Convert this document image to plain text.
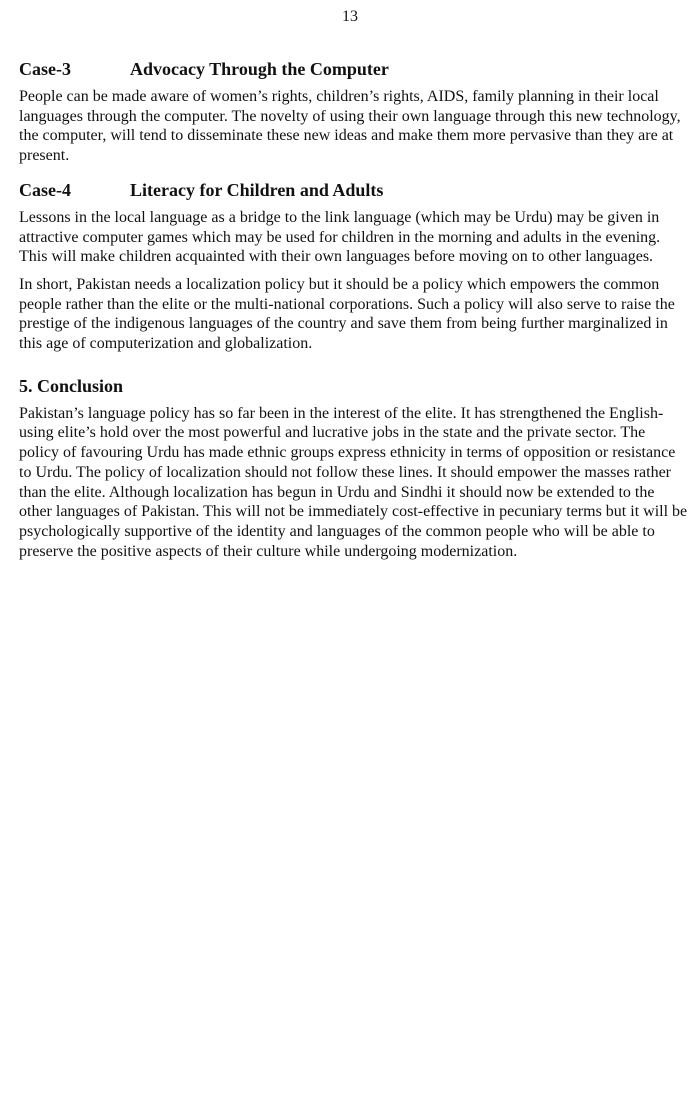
13
Case-3	Advocacy Through the Computer

People can be made aware of women’s rights, children’s rights, AIDS, family planning in their local languages through the computer. The novelty of using their own language through this new technology, the computer, will tend to disseminate these new ideas and make them more pervasive than they are at present.

Case-4	Literacy for Children and Adults

Lessons in the local language as a bridge to the link language (which may be Urdu) may be given in attractive computer games which may be used for children in the morning and adults in the evening. This will make children acquainted with their own languages before moving on to other languages.

In short, Pakistan needs a localization policy but it should be a policy which empowers the common people rather than the elite or the multi-national corporations. Such a policy will also serve to raise the prestige of the indigenous languages of the country and save them from being further marginalized in this age of computerization and globalization.

5. Conclusion

Pakistan’s language policy has so far been in the interest of the elite. It has strengthened the English-using elite’s hold over the most powerful and lucrative jobs in the state and the private sector. The policy of favouring Urdu has made ethnic groups express ethnicity in terms of opposition or resistance to Urdu. The policy of localization should not follow these lines. It should empower the masses rather than the elite. Although localization has begun in Urdu and Sindhi it should now be extended to the other languages of Pakistan. This will not be immediately cost-effective in pecuniary terms but it will be psychologically supportive of the identity and languages of the common people who will be able to preserve the positive aspects of their culture while undergoing modernization.
